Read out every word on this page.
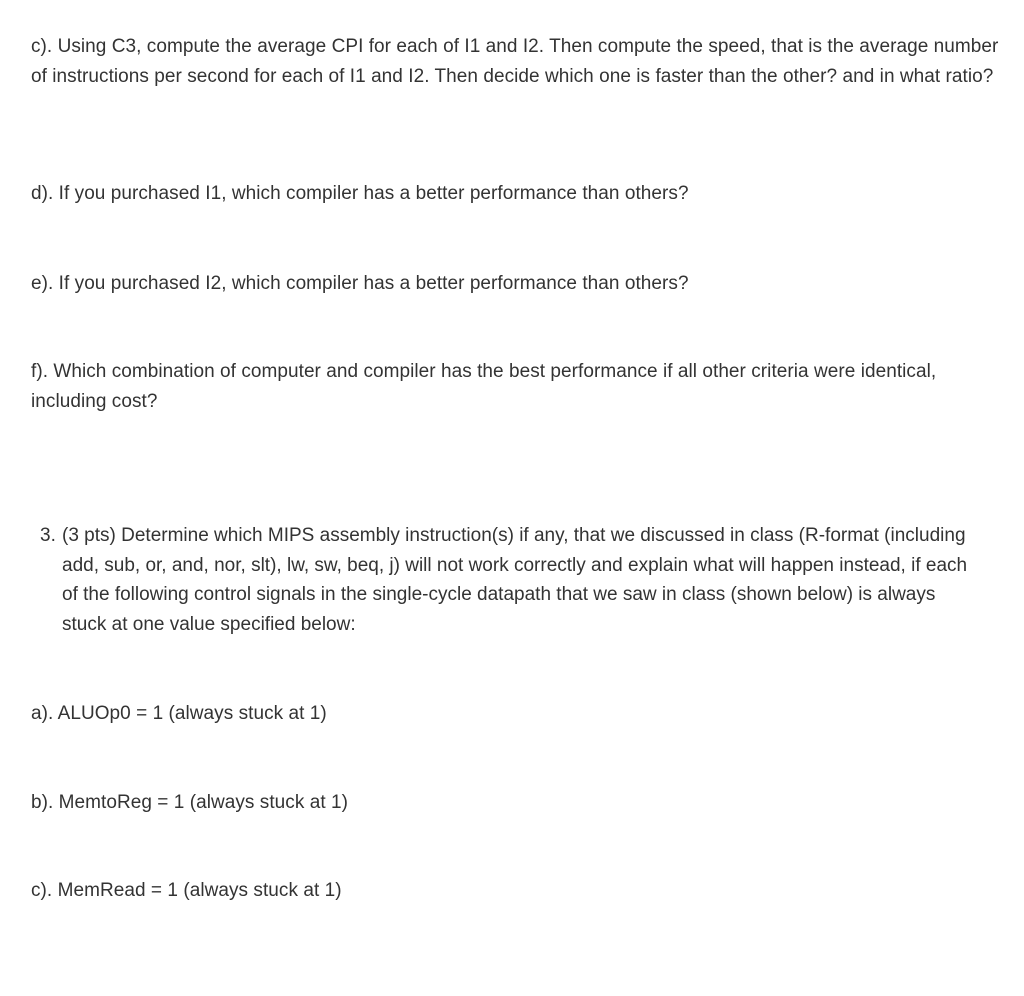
c). Using C3, compute the average CPI for each of I1 and I2. Then compute the speed, that is the average number of instructions per second for each of I1 and I2. Then decide which one is faster than the other? and in what ratio?

d). If you purchased I1, which compiler has a better performance than others?

e). If you purchased I2, which compiler has a better performance than others?

f). Which combination of computer and compiler has the best performance if all other criteria were identical, including cost?

3. (3 pts) Determine which MIPS assembly instruction(s) if any, that we discussed in class (R-format (including add, sub, or, and, nor, slt), lw, sw, beq, j) will not work correctly and explain what will happen instead, if each of the following control signals in the single-cycle datapath that we saw in class (shown below) is always stuck at one value specified below:

a). ALUOp0 = 1 (always stuck at 1)

b). MemtoReg = 1 (always stuck at 1)

c). MemRead = 1 (always stuck at 1)
